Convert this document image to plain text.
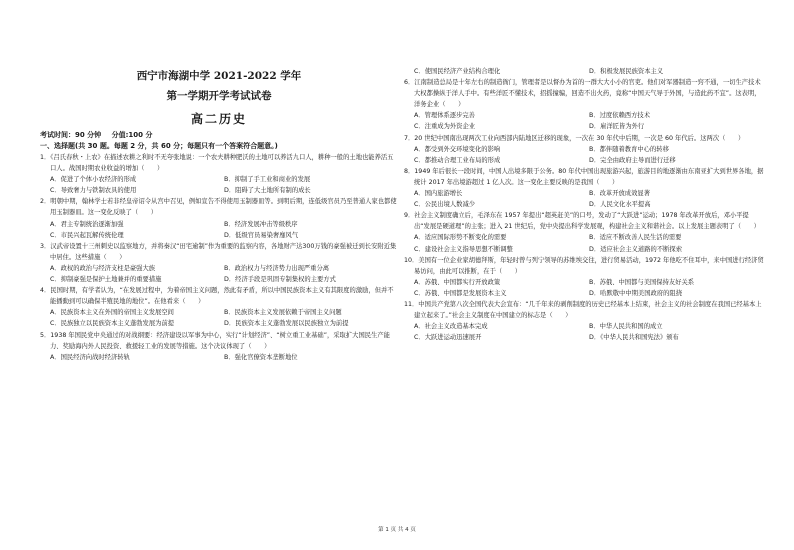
西宁市海湖中学 2021-2022 学年
第一学期开学考试试卷
高二历史
考试时间：90 分钟 分值:100 分
一、选择题(共 30 题。每题 2 分，共 60 分；每题只有一个答案符合题意。)
1．《吕氏春秋・上农》在描述农耕之利时不无夸张地说：一个农夫耕种肥沃的土地可以养活九口人，耕种一般的土地也能养活五口人。战国时期农业收益的增加（　　）
A．促进了个体小农经济的形成	B．抑制了手工业和商业的发展
C．导致奢力与铁制农具的使用	D．阻碍了大土地所有制的成长
2．明朝中期，翰林学士若非经皇帝诏令从宫中召见，例如宣告不得使用玉制器皿等。到明后期，连低级官员乃至普通人家也都使用玉制器皿。这一变化反映了（　　）
A．君主专制统治逐渐加强	B．经济发展冲击等级秩序
C．市民兴起瓦解传统伦理	D．低级官员易染奢靡风气
3．汉武帝设置十三州刺史以监察地方，并将秦汉“田宅逾制”作为重要的监察内容，各地财产达300万钱的豪强被迁到长安附近集中居住。这些措施（　　）
A．政权的政治与经济支柱是豪强大族	B．政治权力与经济势力出现严重分离
C．抑制豪强是保护土地兼并的重要措施	D．经济手段是巩固专制集权的主要方式
4．民国时期，有学者认为，“在发展过程中，为着帝国主义问题，然此有矛盾，所以中国民族资本主义有其限度的激励，但并不能播動到可以确保半殖民地的地位”。在他看来（　　）
A．民族资本主义在外国的帝国主义发展空间	B．民族资本主义发展依赖于帝国主义问题
C．民族独立以民族资本主义蓬勃发展为前提	D．民族资本主义蓬勃发展以民族独立为前提
5．1938 年国民党中央通过的对战纲要：经济建设以军事为中心，实行“计划经济”、“树立重工业基础”，采取扩大国民生产能力、奖励海内外人民投资、救援轻工业的发展等措施。这个决议体现了（　　）
A．国民经济向战时经济转轨	B．强化官僚资本垄断地位
C．使国民经济产业结构合理化	D．积极发展民族资本主义
6．江南制造总局是十年左右的制造衙门，管理者是以督办为首的一群大大小小的官吏。他们对军器制造一窍不通，一切生产技术大权都操纵于洋人手中。有些洋匠不懂技术，招摇撞骗，回造不出火药，竟称“中国天气导于外国，与造此药不宜”。这表明，洋务企业（　　）
A．管理体系逐步完善	B．过度依赖西方技术
C．注重成为外资企业	D．雇洋匠皆为外行
7．20 世纪中国南出现两次工业向西部内陆地区迁移的现象，一次在 30 年代中后期，一次是 60 年代后。这两次（　　）
A．都受到外交环境变化的影响	B．都伴随着教育中心的转移
C．都推动合理工业布局的形成	D．完全由政府主导而进行迁移
8．1949 年后很长一段时间，中国人出境多限于公务。80 年代中国出现旅游兴起，旅游目的地逐渐由东南亚扩大到世界各地，据统计 2017 年出境游超过 1 亿人次。这一变化主要反映的是我国（　　）
A．国内旅游增长	B．改革开放成效显著
C．公民出境人数减少	D．人民文化水平提高
9．社会主义制度确立后，毛泽东在 1957 年提出“超英赶美”的口号，发动了“大跃进”运动；1978 年改革开放后，邓小平提出“发展是硬道理”的主张；进入 21 世纪后，党中央提出科学发展观，构建社会主义和谐社会。以上发展主题表明了（　　）
A．适应国际形势不断变化的需要	B．适应不断改善人民生活的需要
C．建设社会主义指导思想不断调整	D．适应社会主义道路的不断探索
10．美国有一位企业家胡德拜斯，年轻时曾与列宁领导的苏维埃交往，进行贸易活动，1972 年他吃不住耳中，来中国进行经济贸易访问，由此可以推断，在于（　　）
A．苏俄、中国都实行开放政策	B．苏俄、中国都与美国保持友好关系
C．苏俄、中国都是发展资本主义	D．哈默敬中中期美国政府的阻挠
11．中国共产党第八次全国代表大会宣布：“几千年来的剥削制度的历史已经基本上结束，社会主义的社会制度在我国已经基本上建立起来了。”社会主义制度在中国建立的标志是（　　）
A．社会主义改造基本完成	B．中华人民共和国的成立
C．大跃进运动迅速展开	D．《中华人民共和国宪法》颁布
第 1 页 共 4 页
